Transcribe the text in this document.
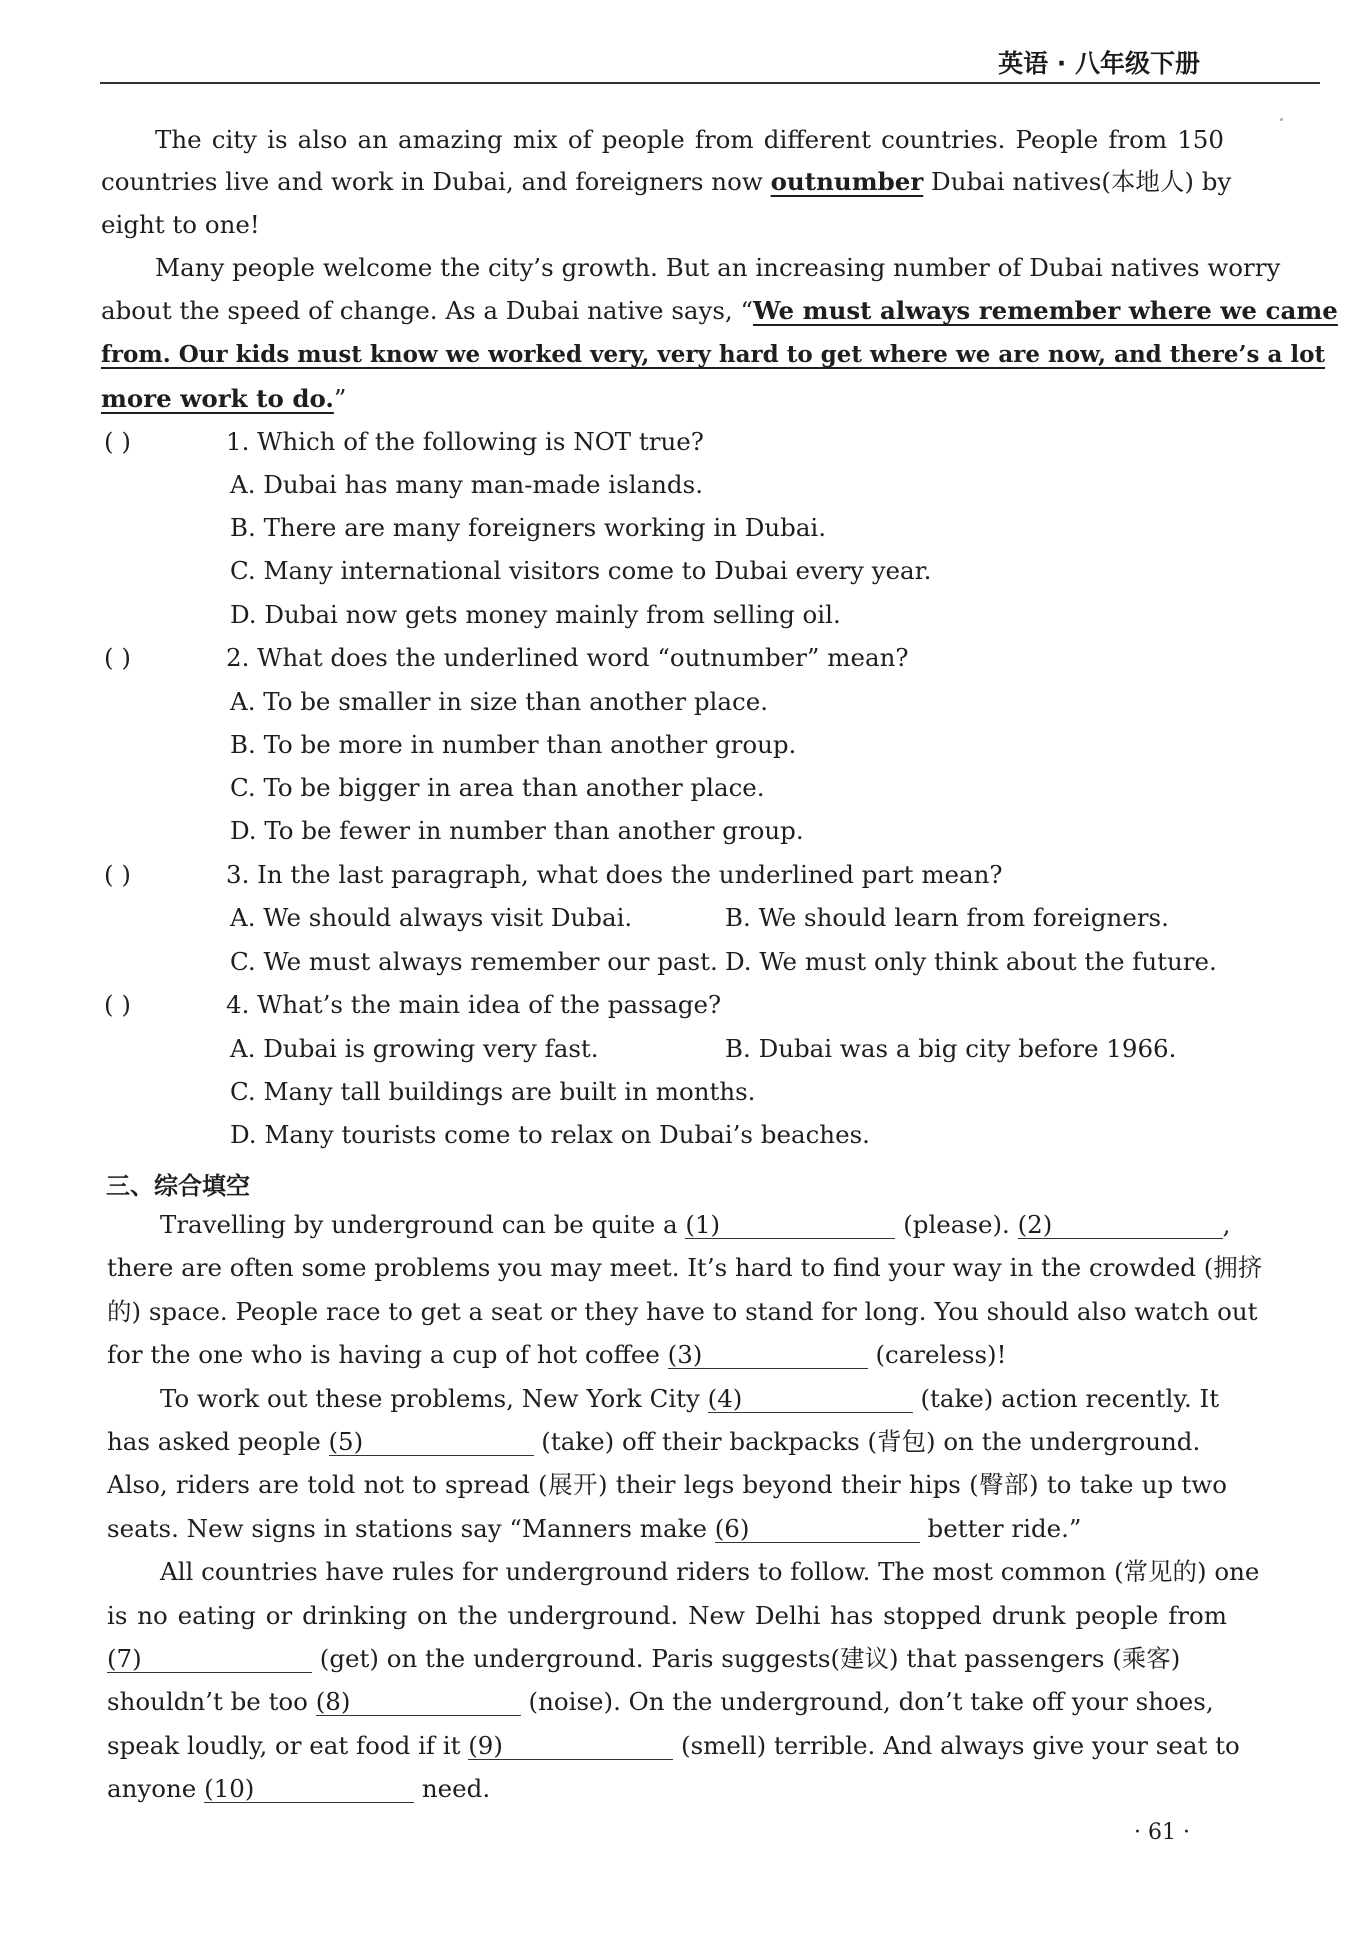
英语 · 八年级下册
The city is also an amazing mix of people from different countries. People from 150
countries live and work in Dubai, and foreigners now outnumber Dubai natives(本地人) by
eight to one!
Many people welcome the city’s growth. But an increasing number of Dubai natives worry
about the speed of change. As a Dubai native says, “We must always remember where we came
from. Our kids must know we worked very, very hard to get where we are now, and there’s a lot
more work to do.”
( )	1. Which of the following is NOT true?
A. Dubai has many man-made islands.
B. There are many foreigners working in Dubai.
C. Many international visitors come to Dubai every year.
D. Dubai now gets money mainly from selling oil.
( )	2. What does the underlined word “outnumber” mean?
A. To be smaller in size than another place.
B. To be more in number than another group.
C. To be bigger in area than another place.
D. To be fewer in number than another group.
( )	3. In the last paragraph, what does the underlined part mean?
A. We should always visit Dubai.	B. We should learn from foreigners.
C. We must always remember our past. D. We must only think about the future.
( )	4. What’s the main idea of the passage?
A. Dubai is growing very fast.	B. Dubai was a big city before 1966.
C. Many tall buildings are built in months.
D. Many tourists come to relax on Dubai’s beaches.
三、综合填空
Travelling by underground can be quite a (1)	(please). (2)	,
there are often some problems you may meet. It’s hard to find your way in the crowded (拥挤
的) space. People race to get a seat or they have to stand for long. You should also watch out
for the one who is having a cup of hot coffee (3)	(careless)!
To work out these problems, New York City (4)	(take) action recently. It
has asked people (5)	(take) off their backpacks (背包) on the underground.
Also, riders are told not to spread (展开) their legs beyond their hips (臀部) to take up two
seats. New signs in stations say “Manners make (6)	better ride.”
All countries have rules for underground riders to follow. The most common (常见的) one
is no eating or drinking on the underground. New Delhi has stopped drunk people from
(7)	(get) on the underground. Paris suggests(建议) that passengers (乘客)
shouldn’t be too (8)	(noise). On the underground, don’t take off your shoes,
speak loudly, or eat food if it (9)	(smell) terrible. And always give your seat to
anyone (10)	need.
· 61 ·
